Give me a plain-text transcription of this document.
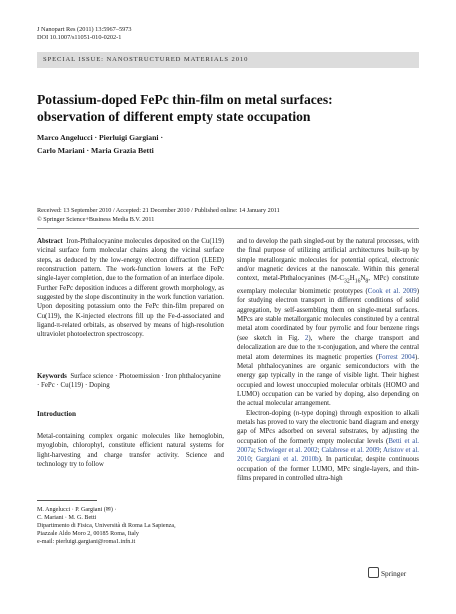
J Nanopart Res (2011) 13:5967–5973
DOI 10.1007/s11051-010-0202-1
SPECIAL ISSUE: NANOSTRUCTURED MATERIALS 2010
Potassium-doped FePc thin-film on metal surfaces:
observation of different empty state occupation
Marco Angelucci · Pierluigi Gargiani ·
Carlo Mariani · Maria Grazia Betti
Received: 13 September 2010 / Accepted: 21 December 2010 / Published online: 14 January 2011
© Springer Science+Business Media B.V. 2011

Abstract Iron-Phthalocyanine molecules deposited on the Cu(119) vicinal surface form molecular chains along the vicinal surface steps, as deduced by the low-energy electron diffraction (LEED) reconstruction pattern. The work-function lowers at the FePc single-layer completion, due to the formation of an interface dipole. Further FePc deposition induces a different growth morphology, as suggested by the slope discontinuity in the work function variation. Upon depositing potassium onto the FePc thin-film prepared on Cu(119), the K-injected electrons fill up the Fe-d-associated and ligand-π-related orbitals, as observed by means of high-resolution ultraviolet photoelectron spectroscopy.

Keywords Surface science · Photoemission · Iron phthalocyanine · FePc · Cu(119) · Doping

Introduction

Metal-containing complex organic molecules like hemoglobin, myoglobin, chlorophyl, constitute efficient natural systems for light-harvesting and charge transfer activity. Science and technology try to follow

M. Angelucci · P. Gargiani (✉) ·
C. Mariani · M. G. Betti
Dipartimento di Fisica, Università di Roma La Sapienza,
Piazzale Aldo Moro 2, 00185 Roma, Italy
e-mail: pierluigi.gargiani@roma1.infn.it

and to develop the path singled-out by the natural processes, with the final purpose of utilizing artificial architectures built-up by simple metallorganic molecules for potential optical, electronic and/or magnetic devices at the nanoscale. Within this general context, metal-Phthalocyanines ($M-C_{32}H_{16}N_8$, MPc) constitute exemplary molecular biomimetic prototypes (Cook et al. 2009) for studying electron transport in different conditions of solid aggregation, by self-assembling them on single-metal surfaces. MPcs are stable metallorganic molecules constituted by a central metal atom coordinated by four pyrrolic and four benzene rings (see sketch in Fig. 2), where the charge transport and delocalization are due to the π-conjugation, and where the central metal atom determines its magnetic properties (Forrest 2004). Metal phthalocyanines are organic semiconductors with the energy gap typically in the range of visible light. Their highest occupied and lowest unoccupied molecular orbitals (HOMO and LUMO) occupation can be varied by doping, also depending on the actual molecular arrangement.

Electron-doping (n-type doping) through exposition to alkali metals has proved to vary the electronic band diagram and energy gap of MPcs adsorbed on several substrates, by adjusting the occupation of the formerly empty molecular levels (Betti et al. 2007a; Schwieger et al. 2002; Calabrese et al. 2009; Aristov et al. 2010; Gargiani et al. 2010b). In particular, despite continuous occupation of the former LUMO, MPc single-layers, and thin-films prepared in controlled ultra-high

Springer
